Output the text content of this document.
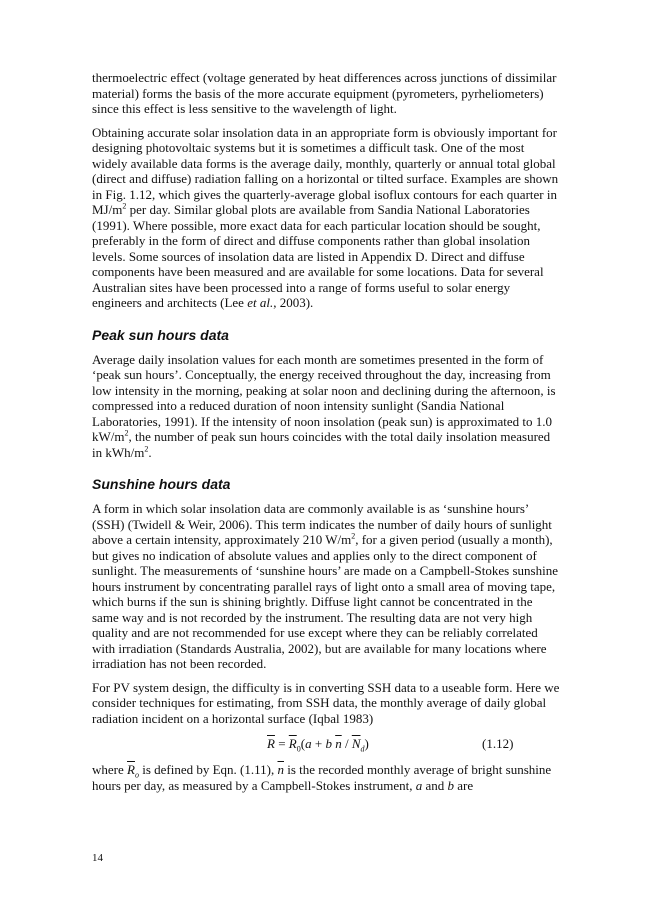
thermoelectric effect (voltage generated by heat differences across junctions of dissimilar material) forms the basis of the more accurate equipment (pyrometers, pyrheliometers) since this effect is less sensitive to the wavelength of light.

Obtaining accurate solar insolation data in an appropriate form is obviously important for designing photovoltaic systems but it is sometimes a difficult task. One of the most widely available data forms is the average daily, monthly, quarterly or annual total global (direct and diffuse) radiation falling on a horizontal or tilted surface. Examples are shown in Fig. 1.12, which gives the quarterly-average global isoflux contours for each quarter in $MJ/m^2$ per day. Similar global plots are available from Sandia National Laboratories (1991). Where possible, more exact data for each particular location should be sought, preferably in the form of direct and diffuse components rather than global insolation levels. Some sources of insolation data are listed in Appendix D. Direct and diffuse components have been measured and are available for some locations. Data for several Australian sites have been processed into a range of forms useful to solar energy engineers and architects (Lee et al., 2003).

Peak sun hours data

Average daily insolation values for each month are sometimes presented in the form of ‘peak sun hours’. Conceptually, the energy received throughout the day, increasing from low intensity in the morning, peaking at solar noon and declining during the afternoon, is compressed into a reduced duration of noon intensity sunlight (Sandia National Laboratories, 1991). If the intensity of noon insolation (peak sun) is approximated to 1.0 $kW/m^2$, the number of peak sun hours coincides with the total daily insolation measured in kWh/$m^2$.

Sunshine hours data

A form in which solar insolation data are commonly available is as ‘sunshine hours’ (SSH) (Twidell & Weir, 2006). This term indicates the number of daily hours of sunlight above a certain intensity, approximately 210 $W/m^2$, for a given period (usually a month), but gives no indication of absolute values and applies only to the direct component of sunlight. The measurements of ‘sunshine hours’ are made on a Campbell-Stokes sunshine hours instrument by concentrating parallel rays of light onto a small area of moving tape, which burns if the sun is shining brightly. Diffuse light cannot be concentrated in the same way and is not recorded by the instrument. The resulting data are not very high quality and are not recommended for use except where they can be reliably correlated with irradiation (Standards Australia, 2002), but are available for many locations where irradiation has not been recorded.

For PV system design, the difficulty is in converting SSH data to a useable form. Here we consider techniques for estimating, from SSH data, the monthly average of daily global radiation incident on a horizontal surface (Iqbal 1983)

$\overline{R} = \overline{R}_0(a + b$ $\overline{n} / \overline{N}_d$)	(1.12)

where $\overline{R}_o$ is defined by Eqn. (1.11), $\overline{n}$ is the recorded monthly average of bright sunshine hours per day, as measured by a Campbell-Stokes instrument, a and b are

14
